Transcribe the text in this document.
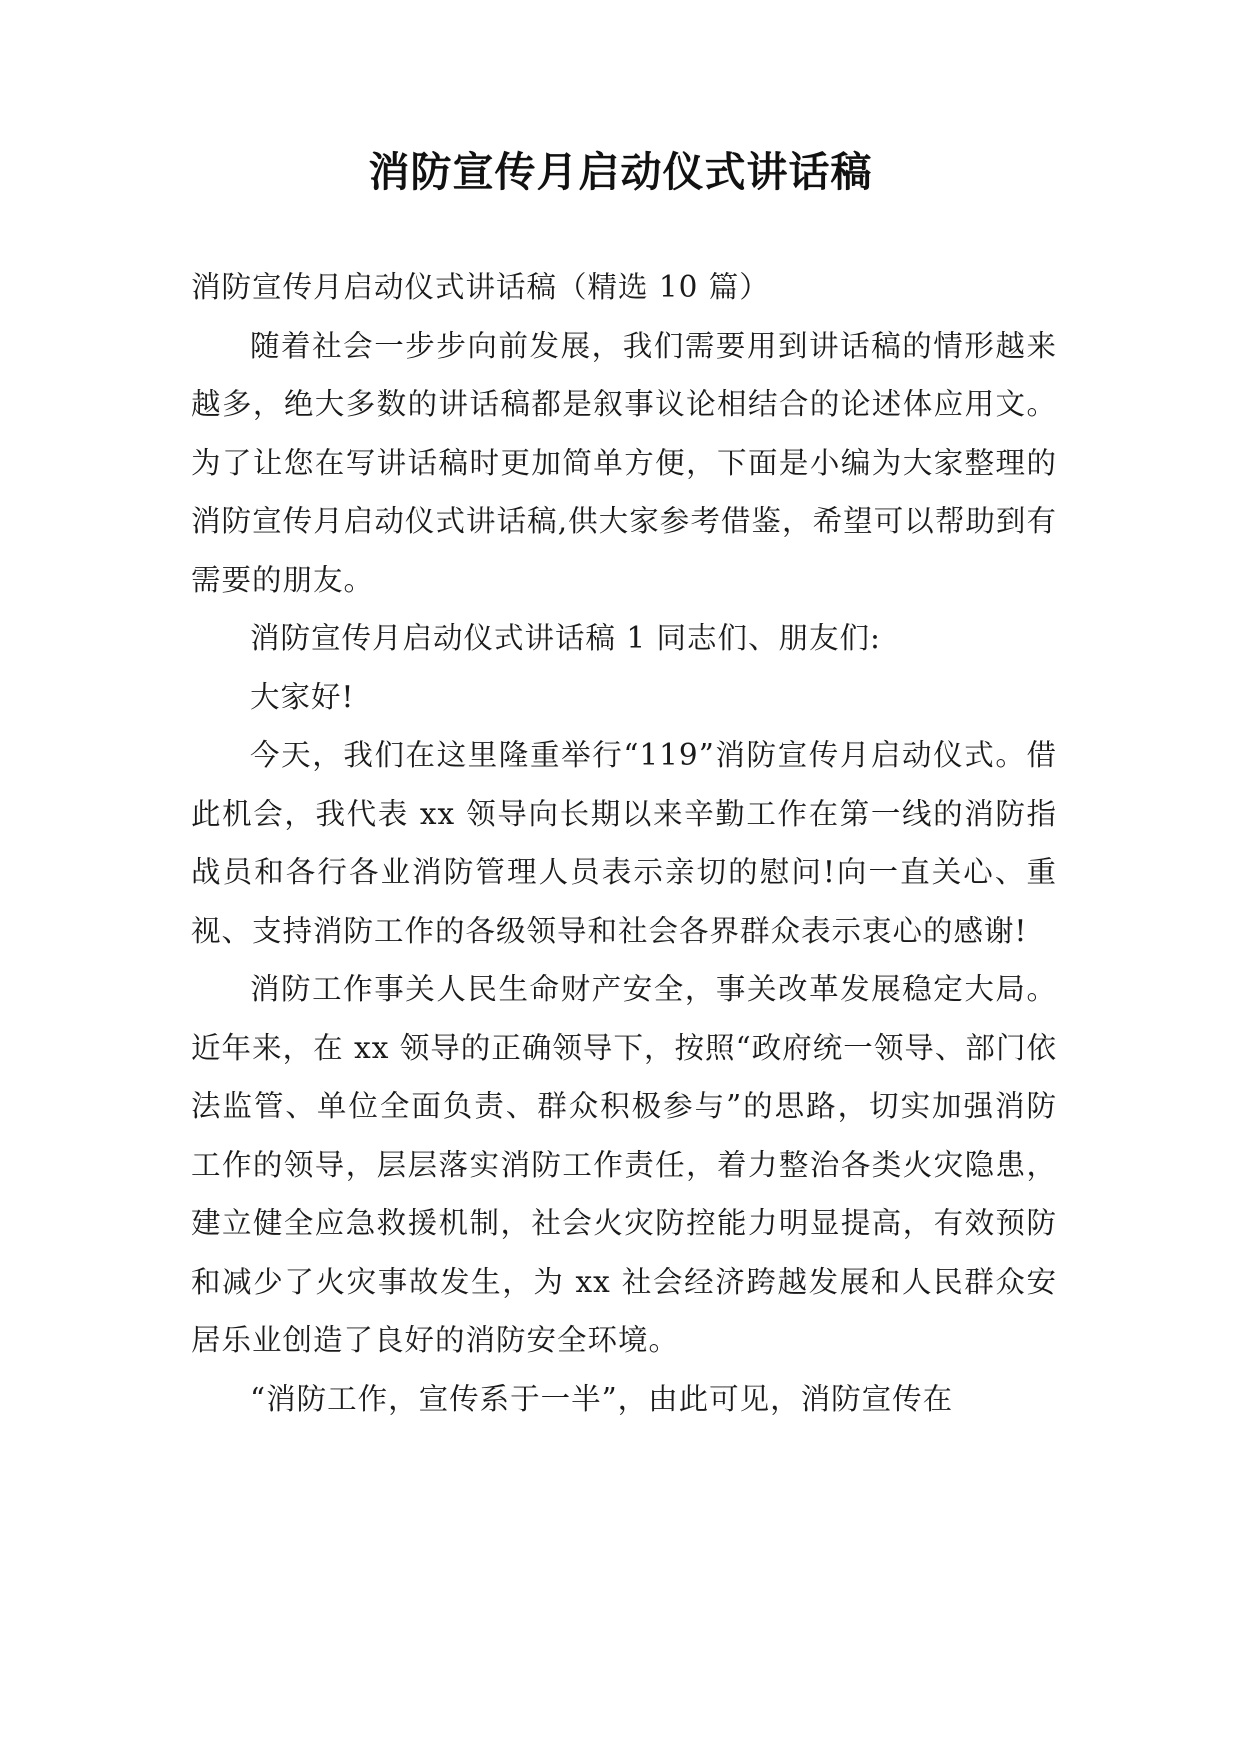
消防宣传月启动仪式讲话稿

消防宣传月启动仪式讲话稿（精选 10 篇）

随着社会一步步向前发展，我们需要用到讲话稿的情形越来越多，绝大多数的讲话稿都是叙事议论相结合的论述体应用文。为了让您在写讲话稿时更加简单方便，下面是小编为大家整理的消防宣传月启动仪式讲话稿,供大家参考借鉴，希望可以帮助到有需要的朋友。

消防宣传月启动仪式讲话稿 1 同志们、朋友们:

大家好!

今天，我们在这里隆重举行“119”消防宣传月启动仪式。借此机会，我代表 xx 领导向长期以来辛勤工作在第一线的消防指战员和各行各业消防管理人员表示亲切的慰问!向一直关心、重视、支持消防工作的各级领导和社会各界群众表示衷心的感谢!

消防工作事关人民生命财产安全，事关改革发展稳定大局。近年来，在 xx 领导的正确领导下，按照“政府统一领导、部门依法监管、单位全面负责、群众积极参与”的思路，切实加强消防工作的领导，层层落实消防工作责任，着力整治各类火灾隐患，建立健全应急救援机制，社会火灾防控能力明显提高，有效预防和减少了火灾事故发生，为 xx 社会经济跨越发展和人民群众安居乐业创造了良好的消防安全环境。

“消防工作，宣传系于一半”，由此可见，消防宣传在
